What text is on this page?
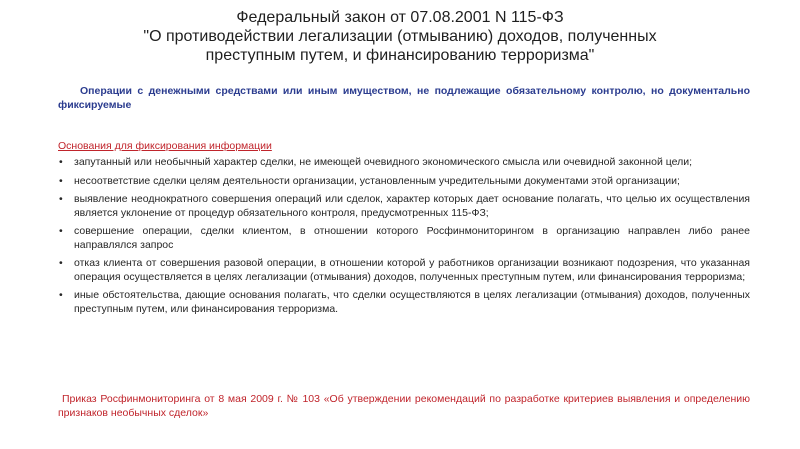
Федеральный закон от 07.08.2001 N 115-ФЗ
"О противодействии легализации (отмыванию) доходов, полученных
преступным путем, и финансированию терроризма"
Операции с денежными средствами или иным имуществом, не подлежащие обязательному контролю, но документально фиксируемые
Основания для фиксирования информации
• запутанный или необычный характер сделки, не имеющей очевидного экономического смысла или очевидной законной цели;
• несоответствие сделки целям деятельности организации, установленным учредительными документами этой организации;
• выявление неоднократного совершения операций или сделок, характер которых дает основание полагать, что целью их осуществления является уклонение от процедур обязательного контроля, предусмотренных 115-ФЗ;
• совершение операции, сделки клиентом, в отношении которого Росфинмониторингом в организацию направлен либо ранее направлялся запрос
• отказ клиента от совершения разовой операции, в отношении которой у работников организации возникают подозрения, что указанная операция осуществляется в целях легализации (отмывания) доходов, полученных преступным путем, или финансирования терроризма;
• иные обстоятельства, дающие основания полагать, что сделки осуществляются в целях легализации (отмывания) доходов, полученных преступным путем, или финансирования терроризма.
Приказ Росфинмониторинга от 8 мая 2009 г. № 103 «Об утверждении рекомендаций по разработке критериев выявления и определению признаков необычных сделок»
